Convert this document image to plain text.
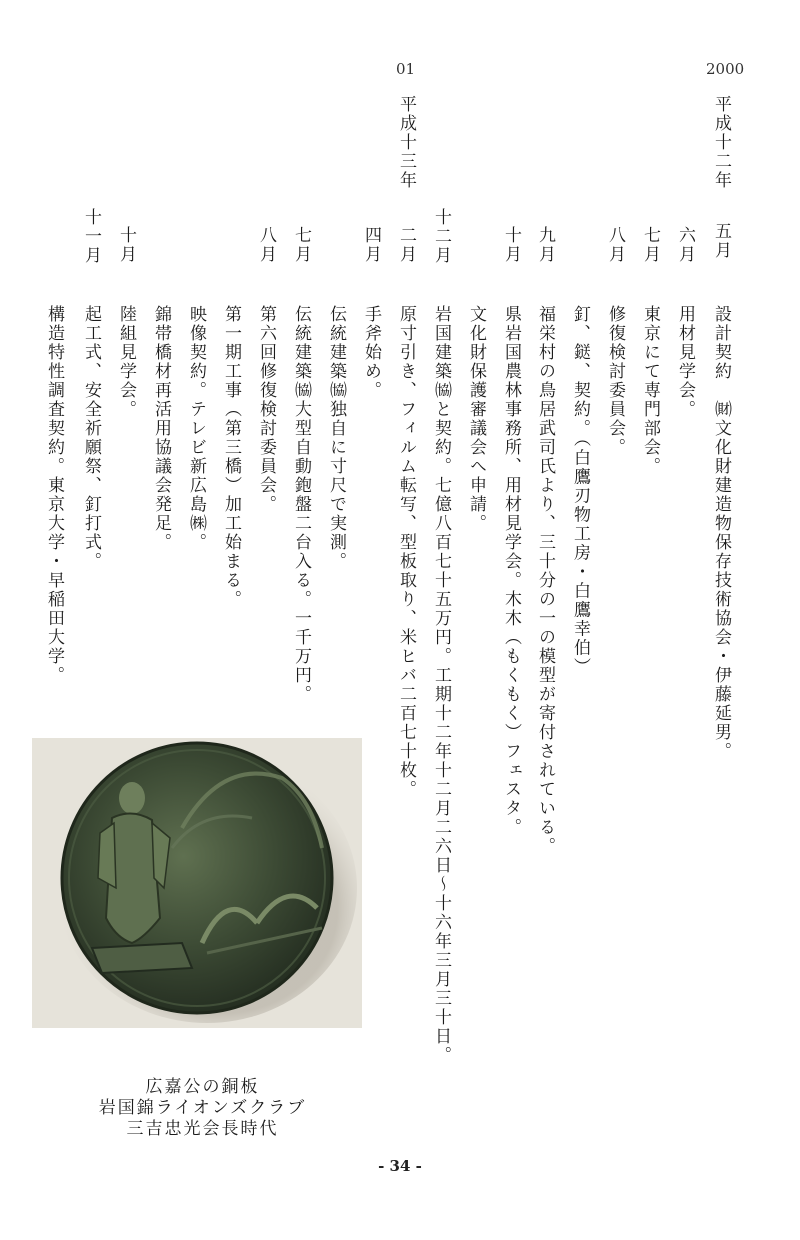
2000
01
平成十二年
五月
設計契約　㈶文化財建造物保存技術協会・伊藤延男。
六月
用材見学会。
七月
東京にて専門部会。
八月
修復検討委員会。
釘、鎹、契約。（白鷹刃物工房・白鷹幸伯）
九月
福栄村の鳥居武司氏より、三十分の一の模型が寄付されている。
十月
県岩国農林事務所、用材見学会。木木（もくもく）フェスタ。
文化財保護審議会へ申請。
十二月
岩国建築㈿と契約。七億八百七十五万円。工期十二年十二月二六日〜十六年三月三十日。
平成十三年
二月
原寸引き、フィルム転写、型板取り、米ヒバ二百七十枚。
手斧始め。
四月
伝統建築㈿独自に寸尺で実測。
七月
伝統建築㈿大型自動鉋盤二台入る。一千万円。
第六回修復検討委員会。
八月
第一期工事（第三橋）加工始まる。
映像契約。テレビ新広島㈱。
錦帯橋材再活用協議会発足。
十月
陸組見学会。
十一月
起工式、安全祈願祭、釘打式。
構造特性調査契約。東京大学・早稲田大学。
広嘉公の銅板
岩国錦ライオンズクラブ
三吉忠光会長時代
- 34 -
